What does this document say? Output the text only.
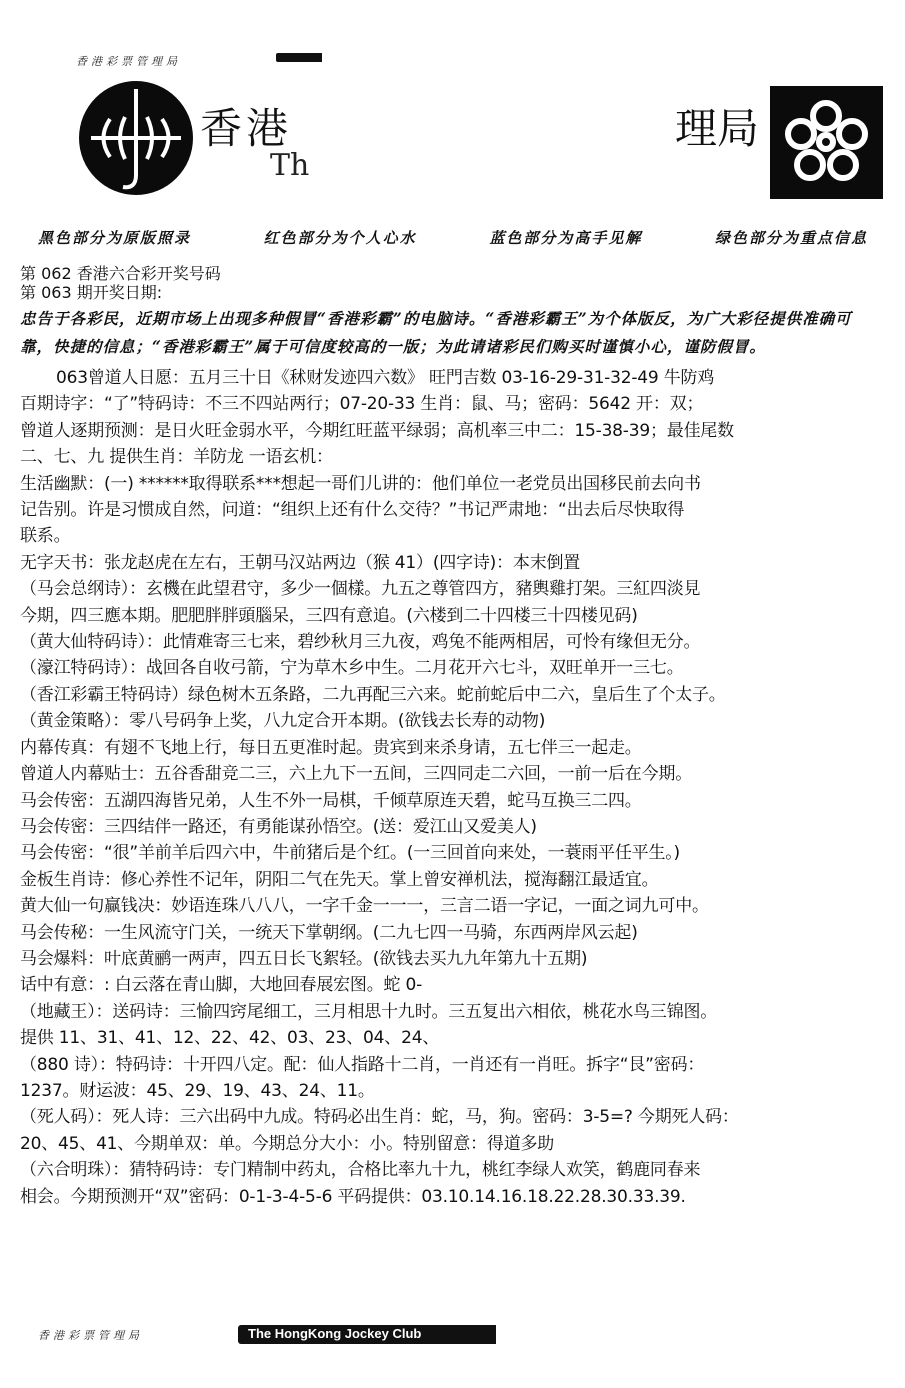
香港彩票管理局
香港
Th
理局
黑色部分为原版照录	红色部分为个人心水	蓝色部分为高手见解	绿色部分为重点信息

第 062 香港六合彩开奖号码

第 063 期开奖日期:

忠告于各彩民，近期市场上出现多种假冒“香港彩霸”的电脑诗。“香港彩霸王”为个体版反，为广大彩径提供准确可靠，快捷的信息；“香港彩霸王”属于可信度较高的一版；为此请诸彩民们购买时谨慎小心，谨防假冒。

063曾道人日愿：五月三十日《秫财发迹四六数》 旺門吉数 03-16-29-31-32-49 牛防鸡

百期诗字：“了”特码诗：不三不四站两行；07-20-33 生肖：鼠、马；密码：5642 开：双；

曾道人逐期预测：是日火旺金弱水平，今期红旺蓝平绿弱；高机率三中二：15-38-39；最佳尾数

二、七、九 提供生肖：羊防龙 一语玄机：

生活幽默：(一) ******取得联系***想起一哥们儿讲的：他们单位一老党员出国移民前去向书

记告别。许是习惯成自然，问道：“组织上还有什么交待？”书记严肃地：“出去后尽快取得

联系。

无字天书：张龙赵虎在左右，王朝马汉站两边（猴 41）(四字诗)：本末倒置

（马会总纲诗）：玄機在此望君守，多少一個樣。九五之尊管四方，豬輿雞打架。三紅四淡見

今期，四三應本期。肥肥胖胖頭腦呆，三四有意追。(六楼到二十四楼三十四楼见码)

（黄大仙特码诗）：此情难寄三七来，碧纱秋月三九夜，鸡兔不能两相居，可怜有缘但无分。

（濠江特码诗）：战回各自收弓箭，宁为草木乡中生。二月花开六七斗，双旺单开一三七。

（香江彩霸王特码诗）绿色树木五条路，二九再配三六来。蛇前蛇后中二六，皇后生了个太子。

（黄金策略）：零八号码争上奖，八九定合开本期。(欲钱去长寿的动物)

内幕传真：有翅不飞地上行，每日五更准时起。贵宾到来杀身请，五七伴三一起走。

曾道人内幕贴士：五谷香甜竞二三，六上九下一五间，三四同走二六回，一前一后在今期。

马会传密：五湖四海皆兄弟，人生不外一局棋，千倾草原连天碧，蛇马互换三二四。

马会传密：三四结伴一路还，有勇能谋孙悟空。(送：爱江山又爱美人)

马会传密：“很”羊前羊后四六中，牛前猪后是个红。(一三回首向来处，一蓑雨平任平生。)

金板生肖诗：修心养性不记年，阴阳二气在先天。掌上曾安禅机法，搅海翻江最适宜。

黄大仙一句赢钱决：妙语连珠八八八，一字千金一一一，三言二语一字记，一面之词九可中。

马会传秘：一生风流守门关，一统天下掌朝纲。(二九七四一马骑，东西两岸风云起)

马会爆料：叶底黄鹂一两声，四五日长飞絮轻。(欲钱去买九九年第九十五期)

话中有意：: 白云落在青山脚，大地回春展宏图。蛇 0-

（地藏王）：送码诗：三愉四窍尾细工，三月相思十九时。三五复出六相依，桃花水鸟三锦图。

提供 11、31、41、12、22、42、03、23、04、24、

（880 诗）：特码诗：十开四八定。配：仙人指路十二肖，一肖还有一肖旺。拆字“艮”密码：

1237。财运波：45、29、19、43、24、11。

（死人码）：死人诗：三六出码中九成。特码必出生肖：蛇，马，狗。密码：3-5=? 今期死人码：

20、45、41、今期单双：单。今期总分大小：小。特别留意：得道多助

（六合明珠）：猜特码诗：专门精制中药丸，合格比率九十九，桃红李绿人欢笑，鹤鹿同春来

相会。今期预测开“双”密码：0-1-3-4-5-6 平码提供：03.10.14.16.18.22.28.30.33.39.

香港彩票管理局	The HongKong Jockey Club
